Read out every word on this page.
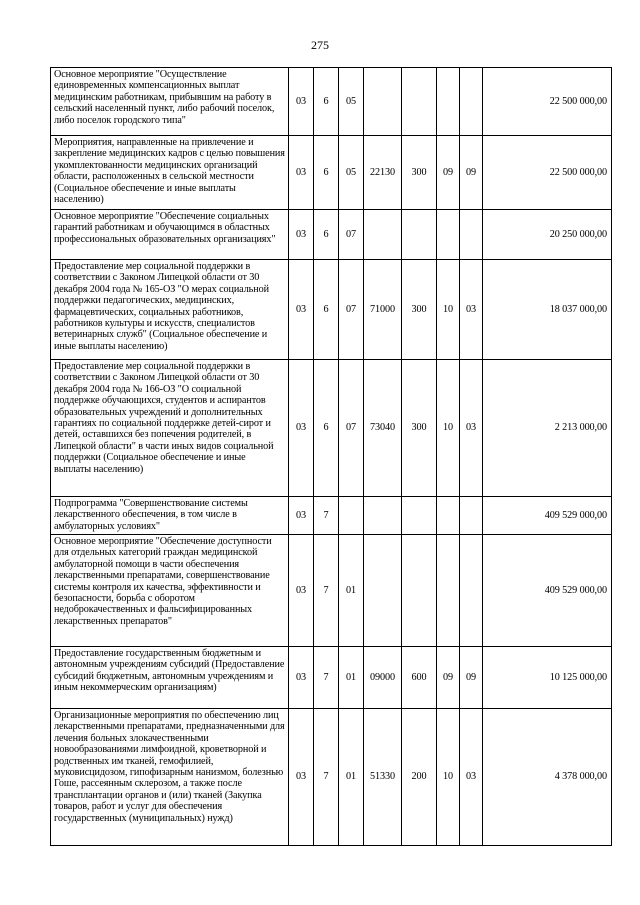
275
Основное мероприятие "Осуществление единовременных компенсационных выплат медицинским работникам, прибывшим на работу в сельский населенный пункт, либо рабочий поселок, либо поселок городского типа"	03	6	05					22 500 000,00
Мероприятия, направленные на привлечение и закрепление медицинских кадров с целью повышения укомплектованности медицинских организаций области, расположенных в сельской местности (Социальное обеспечение и иные выплаты населению)	03	6	05	22130	300	09	09	22 500 000,00
Основное мероприятие "Обеспечение социальных гарантий работникам и обучающимся в областных профессиональных образовательных организациях"	03	6	07					20 250 000,00
Предоставление мер социальной поддержки в соответствии с Законом Липецкой области от 30 декабря 2004 года № 165-ОЗ "О мерах социальной поддержки педагогических, медицинских, фармацевтических, социальных работников, работников культуры и искусств, специалистов ветеринарных служб" (Социальное обеспечение и иные выплаты населению)	03	6	07	71000	300	10	03	18 037 000,00
Предоставление мер социальной поддержки в соответствии с Законом Липецкой области от 30 декабря 2004 года № 166-ОЗ "О социальной поддержке обучающихся, студентов и аспирантов образовательных учреждений и дополнительных гарантиях по социальной поддержке детей-сирот и детей, оставшихся без попечения родителей, в Липецкой области" в части иных видов социальной поддержки (Социальное обеспечение и иные выплаты населению)	03	6	07	73040	300	10	03	2 213 000,00
Подпрограмма "Совершенствование системы лекарственного обеспечения, в том числе в амбулаторных условиях"	03	7						409 529 000,00
Основное мероприятие "Обеспечение доступности для отдельных категорий граждан медицинской амбулаторной помощи в части обеспечения лекарственными препаратами, совершенствование системы контроля их качества, эффективности и безопасности, борьба с оборотом недоброкачественных и фальсифицированных лекарственных препаратов"	03	7	01					409 529 000,00
Предоставление государственным бюджетным и автономным учреждениям субсидий (Предоставление субсидий бюджетным, автономным учреждениям и иным некоммерческим организациям)	03	7	01	09000	600	09	09	10 125 000,00
Организационные мероприятия по обеспечению лиц лекарственными препаратами, предназначенными для лечения больных злокачественными новообразованиями лимфоидной, кроветворной и родственных им тканей, гемофилией, муковисцидозом, гипофизарным нанизмом, болезнью Гоше, рассеянным склерозом, а также после трансплантации органов и (или) тканей (Закупка товаров, работ и услуг для обеспечения государственных (муниципальных) нужд)	03	7	01	51330	200	10	03	4 378 000,00
